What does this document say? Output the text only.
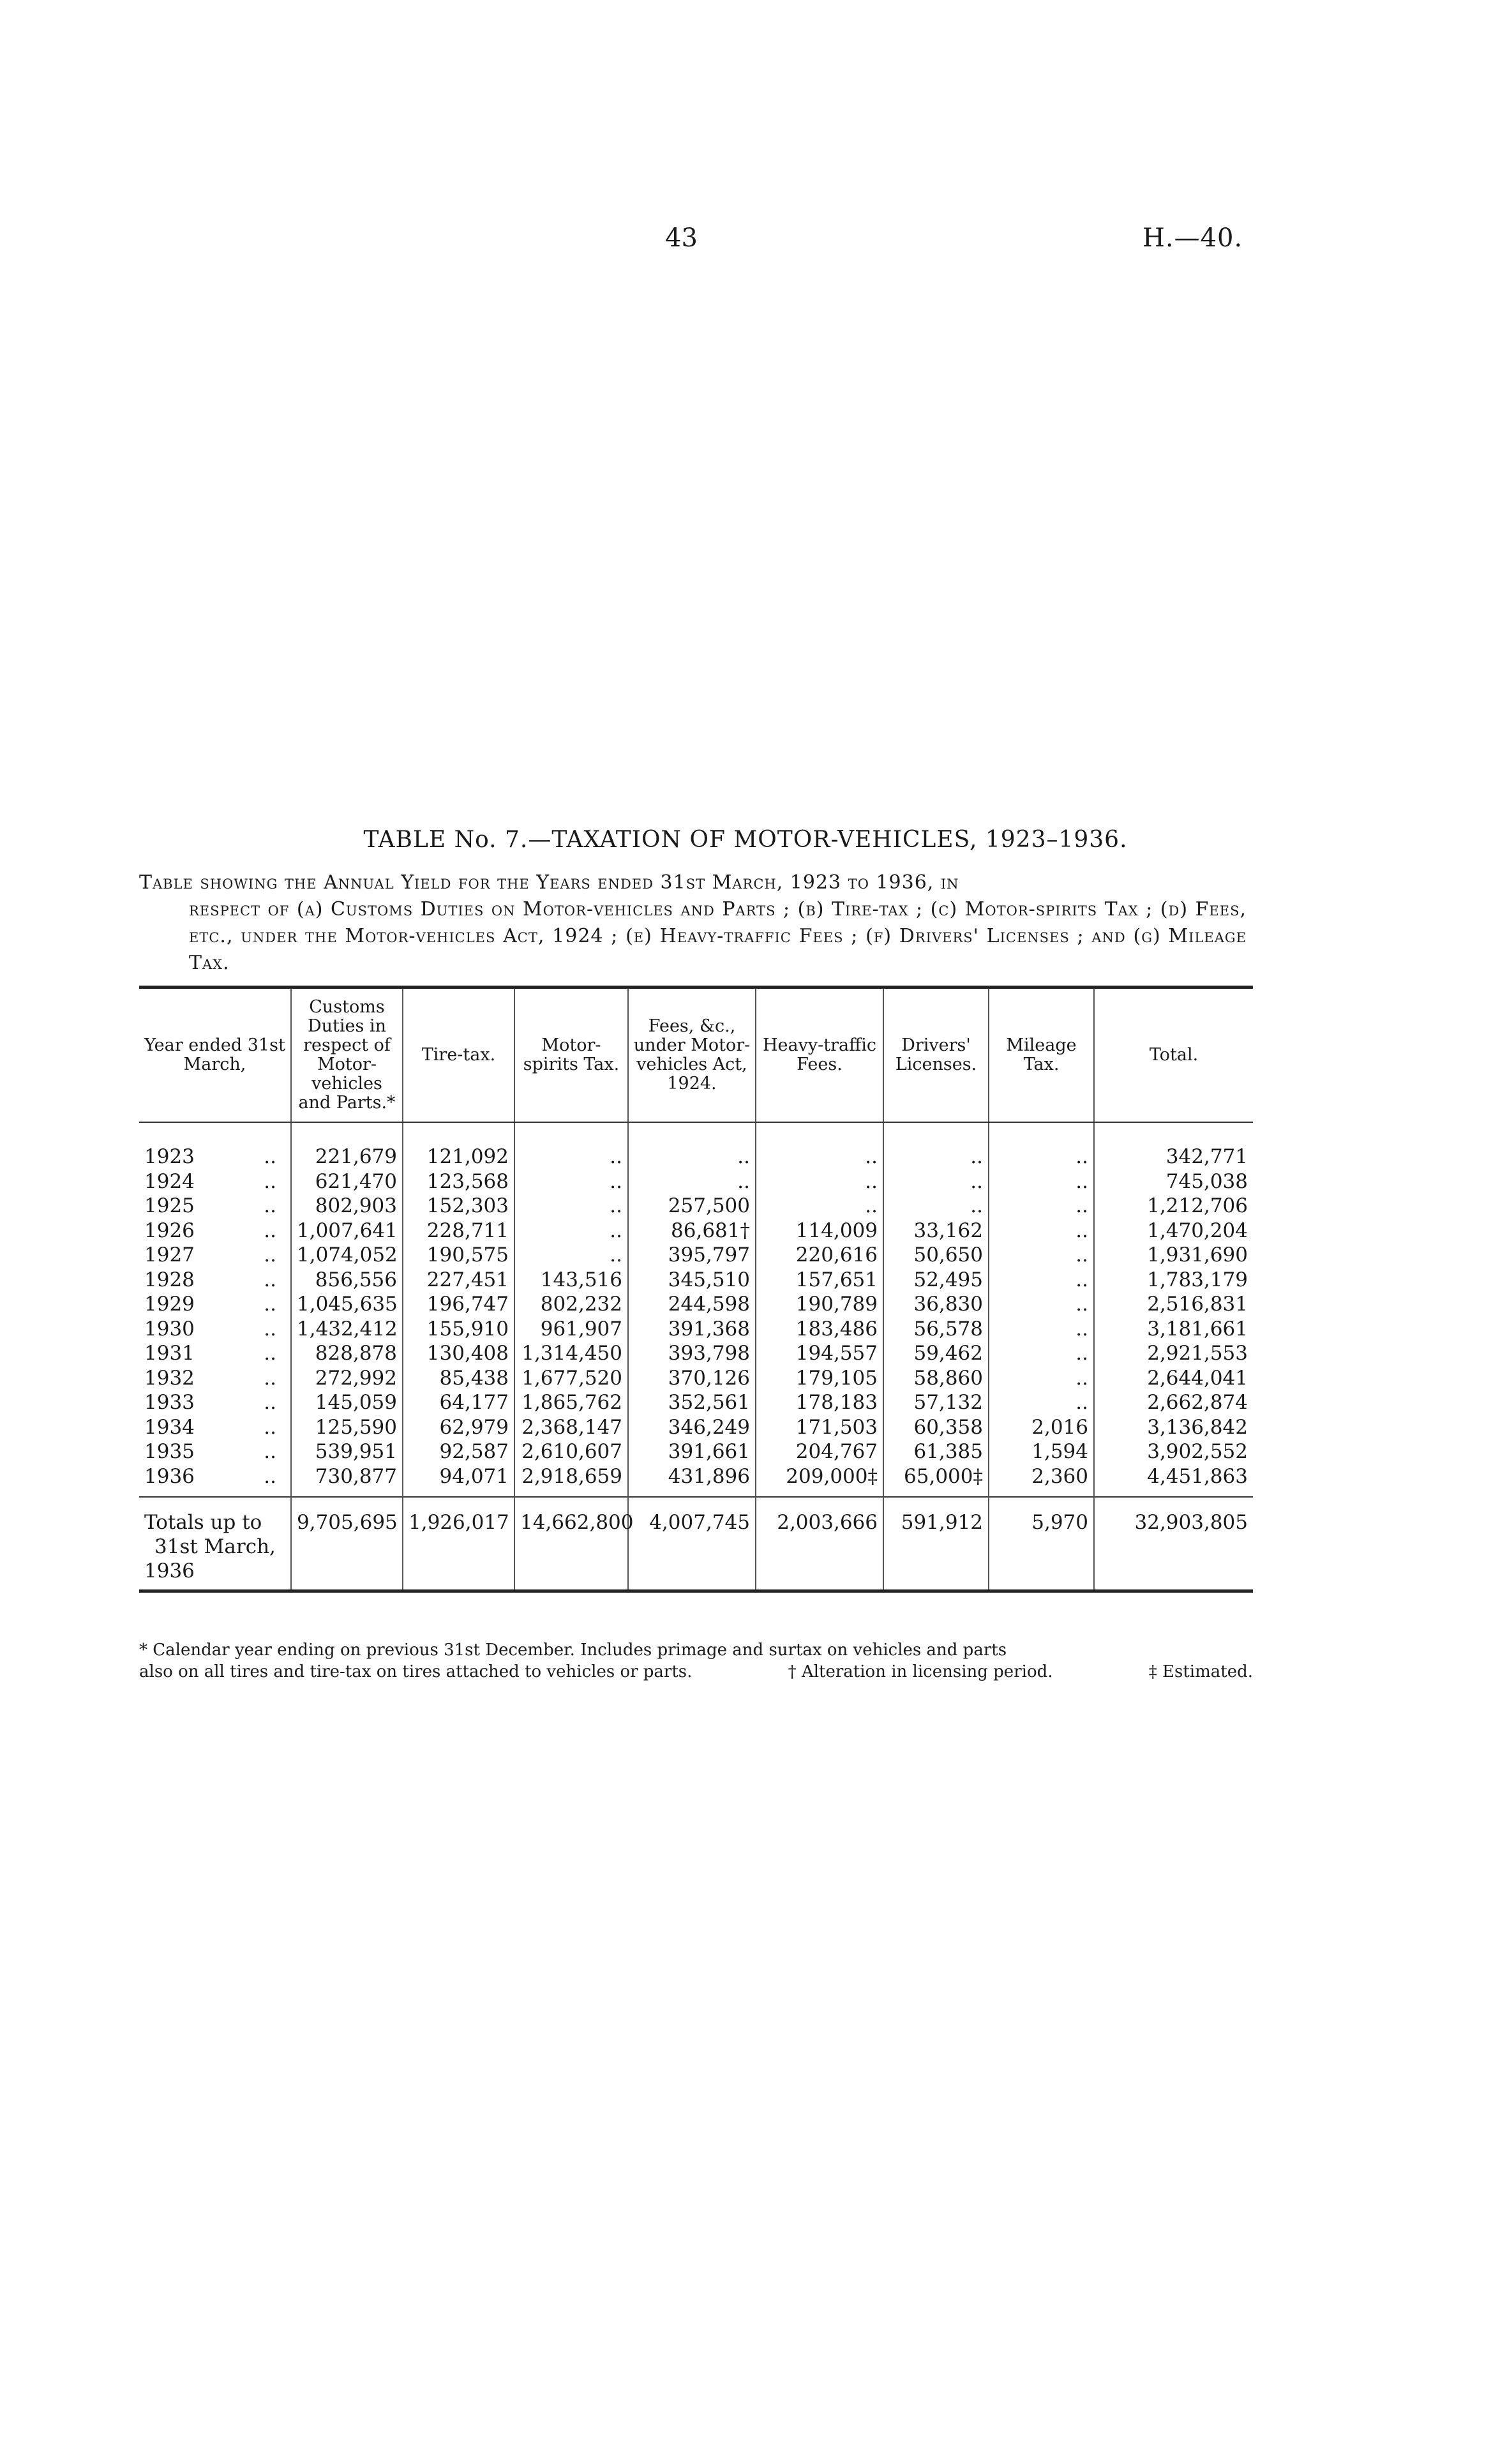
43	H.—40.
TABLE No. 7.—TAXATION OF MOTOR-VEHICLES, 1923–1936.
Table showing the Annual Yield for the Years ended 31st March, 1923 to 1936, in
respect of (a) Customs Duties on Motor-vehicles and Parts ; (b) Tire-tax ; (c) Motor-spirits Tax ; (d) Fees, etc., under the Motor-vehicles Act, 1924 ; (e) Heavy-traffic Fees ; (f) Drivers' Licenses ; and (g) Mileage Tax.
Year ended 31st March,	Customs Duties in respect of Motor-vehicles and Parts.*	Tire-tax.	Motor-spirits Tax.	Fees, &c., under Motor-vehicles Act, 1924.	Heavy-traffic Fees.	Drivers' Licenses.	Mileage Tax.	Total.

1923 ..	221,679	121,092	..	..	..	..	..	342,771

1924 ..	621,470	123,568	..	..	..	..	..	745,038

1925 ..	802,903	152,303	..	257,500	..	..	..	1,212,706

1926 ..	1,007,641	228,711	..	86,681†	114,009	33,162	..	1,470,204

1927 ..	1,074,052	190,575	..	395,797	220,616	50,650	..	1,931,690

1928 ..	856,556	227,451	143,516	345,510	157,651	52,495	..	1,783,179

1929 ..	1,045,635	196,747	802,232	244,598	190,789	36,830	..	2,516,831

1930 ..	1,432,412	155,910	961,907	391,368	183,486	56,578	..	3,181,661

1931 ..	828,878	130,408	1,314,450	393,798	194,557	59,462	..	2,921,553

1932 ..	272,992	85,438	1,677,520	370,126	179,105	58,860	..	2,644,041

1933 ..	145,059	64,177	1,865,762	352,561	178,183	57,132	..	2,662,874

1934 ..	125,590	62,979	2,368,147	346,249	171,503	60,358	2,016	3,136,842

1935 ..	539,951	92,587	2,610,607	391,661	204,767	61,385	1,594	3,902,552

1936 ..	730,877	94,071	2,918,659	431,896	209,000‡	65,000‡	2,360	4,451,863

Totals up to
31st March,
1936	9,705,695	1,926,017	14,662,800	4,007,745	2,003,666	591,912	5,970	32,903,805
* Calendar year ending on previous 31st December. Includes primage and surtax on vehicles and parts
also on all tires and tire-tax on tires attached to vehicles or parts.	† Alteration in licensing period.	‡ Estimated.
